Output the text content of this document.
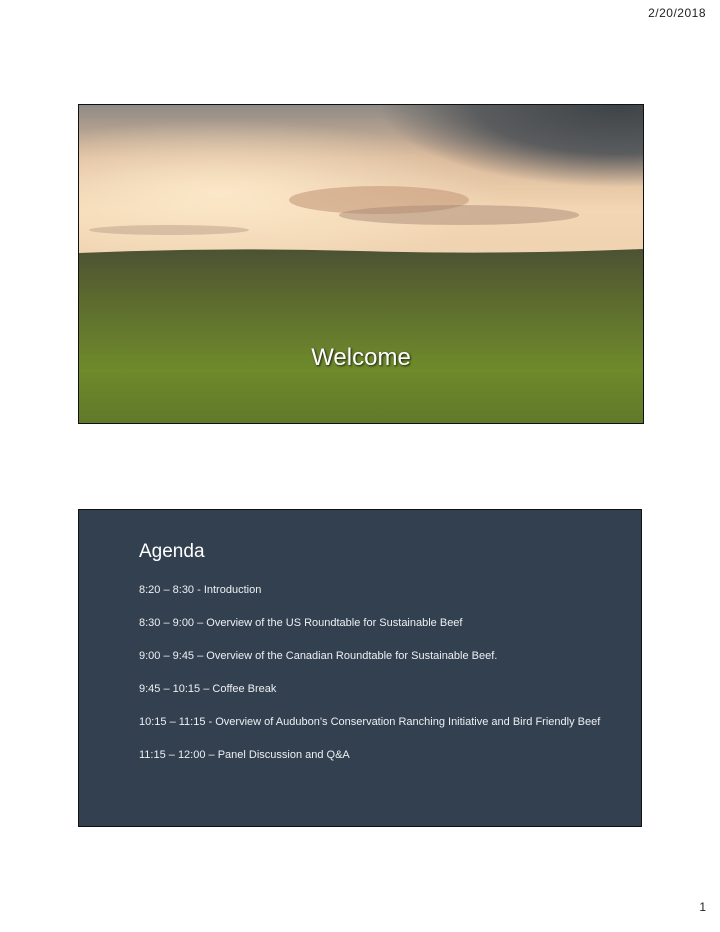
2/20/2018
Welcome
Agenda
8:20 – 8:30 - Introduction
8:30 – 9:00 – Overview of the US Roundtable for Sustainable Beef
9:00 – 9:45 – Overview of the Canadian Roundtable for Sustainable Beef.
9:45 – 10:15 – Coffee Break
10:15 – 11:15 - Overview of Audubon’s Conservation Ranching Initiative and Bird Friendly Beef
11:15 – 12:00 – Panel Discussion and Q&A
1
